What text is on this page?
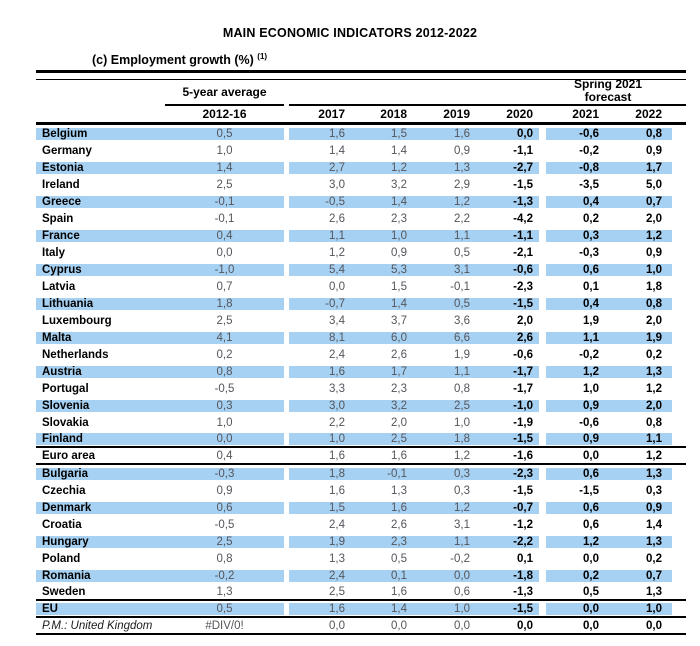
MAIN ECONOMIC INDICATORS 2012-2022
(c) Employment growth (%) $^{(1)}$
5-year average
Spring 2021
forecast
2012-16	2017	2018	2019	2020	2021	2022
Belgium	0,5	1,6	1,5	1,6	0,0	-0,6	0,8
Germany	1,0	1,4	1,4	0,9	-1,1	-0,2	0,9
Estonia	1,4	2,7	1,2	1,3	-2,7	-0,8	1,7
Ireland	2,5	3,0	3,2	2,9	-1,5	-3,5	5,0
Greece	-0,1	-0,5	1,4	1,2	-1,3	0,4	0,7
Spain	-0,1	2,6	2,3	2,2	-4,2	0,2	2,0
France	0,4	1,1	1,0	1,1	-1,1	0,3	1,2
Italy	0,0	1,2	0,9	0,5	-2,1	-0,3	0,9
Cyprus	-1,0	5,4	5,3	3,1	-0,6	0,6	1,0
Latvia	0,7	0,0	1,5	-0,1	-2,3	0,1	1,8
Lithuania	1,8	-0,7	1,4	0,5	-1,5	0,4	0,8
Luxembourg	2,5	3,4	3,7	3,6	2,0	1,9	2,0
Malta	4,1	8,1	6,0	6,6	2,6	1,1	1,9
Netherlands	0,2	2,4	2,6	1,9	-0,6	-0,2	0,2
Austria	0,8	1,6	1,7	1,1	-1,7	1,2	1,3
Portugal	-0,5	3,3	2,3	0,8	-1,7	1,0	1,2
Slovenia	0,3	3,0	3,2	2,5	-1,0	0,9	2,0
Slovakia	1,0	2,2	2,0	1,0	-1,9	-0,6	0,8
Finland	0,0	1,0	2,5	1,8	-1,5	0,9	1,1
Euro area	0,4	1,6	1,6	1,2	-1,6	0,0	1,2
Bulgaria	-0,3	1,8	-0,1	0,3	-2,3	0,6	1,3
Czechia	0,9	1,6	1,3	0,3	-1,5	-1,5	0,3
Denmark	0,6	1,5	1,6	1,2	-0,7	0,6	0,9
Croatia	-0,5	2,4	2,6	3,1	-1,2	0,6	1,4
Hungary	2,5	1,9	2,3	1,1	-2,2	1,2	1,3
Poland	0,8	1,3	0,5	-0,2	0,1	0,0	0,2
Romania	-0,2	2,4	0,1	0,0	-1,8	0,2	0,7
Sweden	1,3	2,5	1,6	0,6	-1,3	0,5	1,3
EU	0,5	1,6	1,4	1,0	-1,5	0,0	1,0
P.M.: United Kingdom	#DIV/0!	0,0	0,0	0,0	0,0	0,0	0,0
